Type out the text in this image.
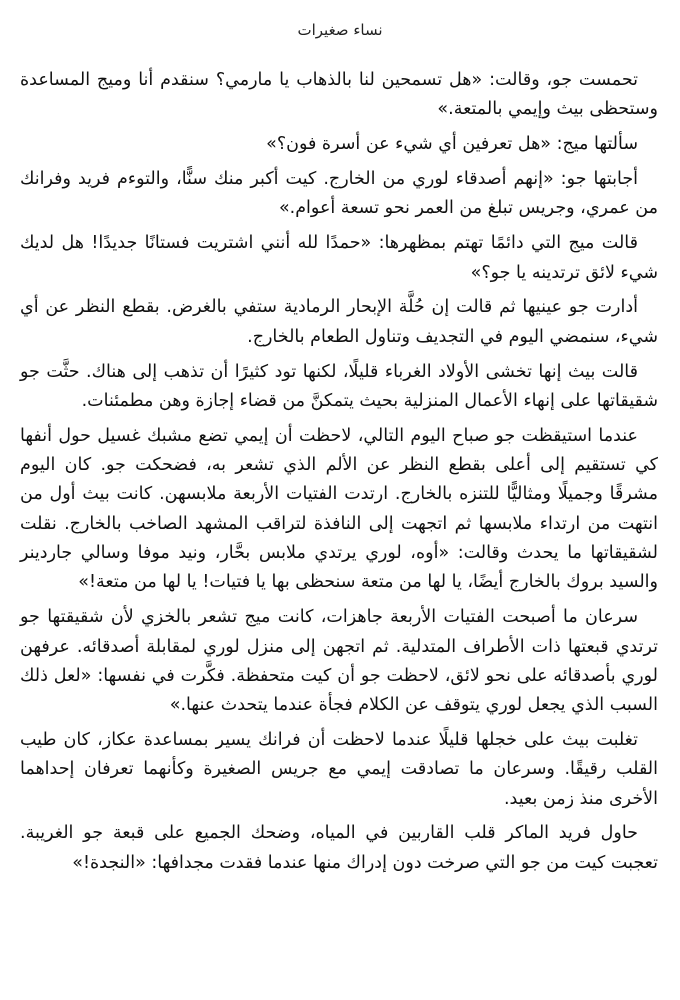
نساء صغيرات

تحمست جو، وقالت: «هل تسمحين لنا بالذهاب يا مارمي؟ سنقدم أنا وميج المساعدة وستحظى بيث وإيمي بالمتعة.»

سألتها ميج: «هل تعرفين أي شيء عن أسرة فون؟»

أجابتها جو: «إنهم أصدقاء لوري من الخارج. كيت أكبر منك سنًّا، والتوءم فريد وفرانك من عمري، وجريس تبلغ من العمر نحو تسعة أعوام.»

قالت ميج التي دائمًا تهتم بمظهرها: «حمدًا لله أنني اشتريت فستانًا جديدًا! هل لديك شيء لائق ترتدينه يا جو؟»

أدارت جو عينيها ثم قالت إن حُلَّة الإبحار الرمادية ستفي بالغرض. بقطع النظر عن أي شيء، سنمضي اليوم في التجديف وتناول الطعام بالخارج.

قالت بيث إنها تخشى الأولاد الغرباء قليلًا، لكنها تود كثيرًا أن تذهب إلى هناك. حثَّت جو شقيقاتها على إنهاء الأعمال المنزلية بحيث يتمكنَّ من قضاء إجازة وهن مطمئنات.

عندما استيقظت جو صباح اليوم التالي، لاحظت أن إيمي تضع مشبك غسيل حول أنفها كي تستقيم إلى أعلى بقطع النظر عن الألم الذي تشعر به، فضحكت جو. كان اليوم مشرقًا وجميلًا ومثاليًّا للتنزه بالخارج. ارتدت الفتيات الأربعة ملابسهن. كانت بيث أول من انتهت من ارتداء ملابسها ثم اتجهت إلى النافذة لتراقب المشهد الصاخب بالخارج. نقلت لشقيقاتها ما يحدث وقالت: «أوه، لوري يرتدي ملابس بحَّار، ونيد موفا وسالي جاردينر والسيد بروك بالخارج أيضًا، يا لها من متعة سنحظى بها يا فتيات! يا لها من متعة!»

سرعان ما أصبحت الفتيات الأربعة جاهزات، كانت ميج تشعر بالخزي لأن شقيقتها جو ترتدي قبعتها ذات الأطراف المتدلية. ثم اتجهن إلى منزل لوري لمقابلة أصدقائه. عرفهن لوري بأصدقائه على نحو لائق، لاحظت جو أن كيت متحفظة. فكَّرت في نفسها: «لعل ذلك السبب الذي يجعل لوري يتوقف عن الكلام فجأة عندما يتحدث عنها.»

تغلبت بيث على خجلها قليلًا عندما لاحظت أن فرانك يسير بمساعدة عكاز، كان طيب القلب رقيقًا. وسرعان ما تصادقت إيمي مع جريس الصغيرة وكأنهما تعرفان إحداهما الأخرى منذ زمن بعيد.

حاول فريد الماكر قلب القاربين في المياه، وضحك الجميع على قبعة جو الغريبة. تعجبت كيت من جو التي صرخت دون إدراك منها عندما فقدت مجدافها: «النجدة!»
